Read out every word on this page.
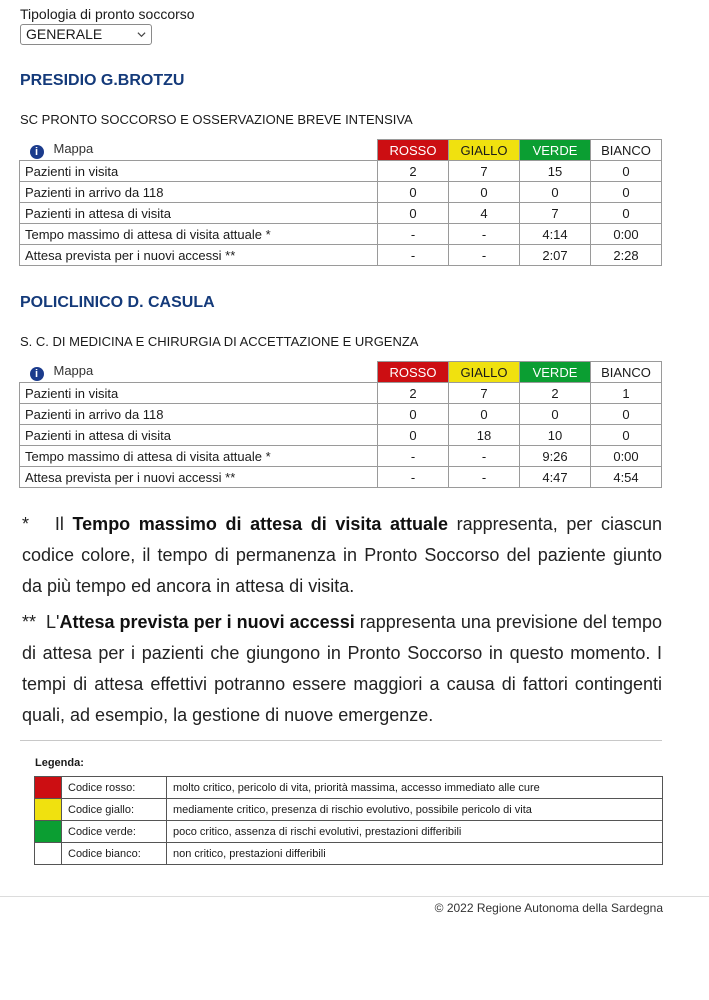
Tipologia di pronto soccorso
GENERALE
PRESIDIO G.BROTZU
SC PRONTO SOCCORSO E OSSERVAZIONE BREVE INTENSIVA
i Mappa	ROSSO	GIALLO	VERDE	BIANCO
Pazienti in visita	2	7	15	0
Pazienti in arrivo da 118	0	0	0	0
Pazienti in attesa di visita	0	4	7	0
Tempo massimo di attesa di visita attuale *	-	-	4:14	0:00
Attesa prevista per i nuovi accessi **	-	-	2:07	2:28
POLICLINICO D. CASULA
S. C. DI MEDICINA E CHIRURGIA DI ACCETTAZIONE E URGENZA
i Mappa	ROSSO	GIALLO	VERDE	BIANCO
Pazienti in visita	2	7	2	1
Pazienti in arrivo da 118	0	0	0	0
Pazienti in attesa di visita	0	18	10	0
Tempo massimo di attesa di visita attuale *	-	-	9:26	0:00
Attesa prevista per i nuovi accessi **	-	-	4:47	4:54
* Il Tempo massimo di attesa di visita attuale rappresenta, per ciascun codice colore, il tempo di permanenza in Pronto Soccorso del paziente giunto da più tempo ed ancora in attesa di visita.
** L'Attesa prevista per i nuovi accessi rappresenta una previsione del tempo di attesa per i pazienti che giungono in Pronto Soccorso in questo momento. I tempi di attesa effettivi potranno essere maggiori a causa di fattori contingenti quali, ad esempio, la gestione di nuove emergenze.
Legenda:
	Codice rosso:	molto critico, pericolo di vita, priorità massima, accesso immediato alle cure
	Codice giallo:	mediamente critico, presenza di rischio evolutivo, possibile pericolo di vita
	Codice verde:	poco critico, assenza di rischi evolutivi, prestazioni differibili
	Codice bianco:	non critico, prestazioni differibili
© 2022 Regione Autonoma della Sardegna
